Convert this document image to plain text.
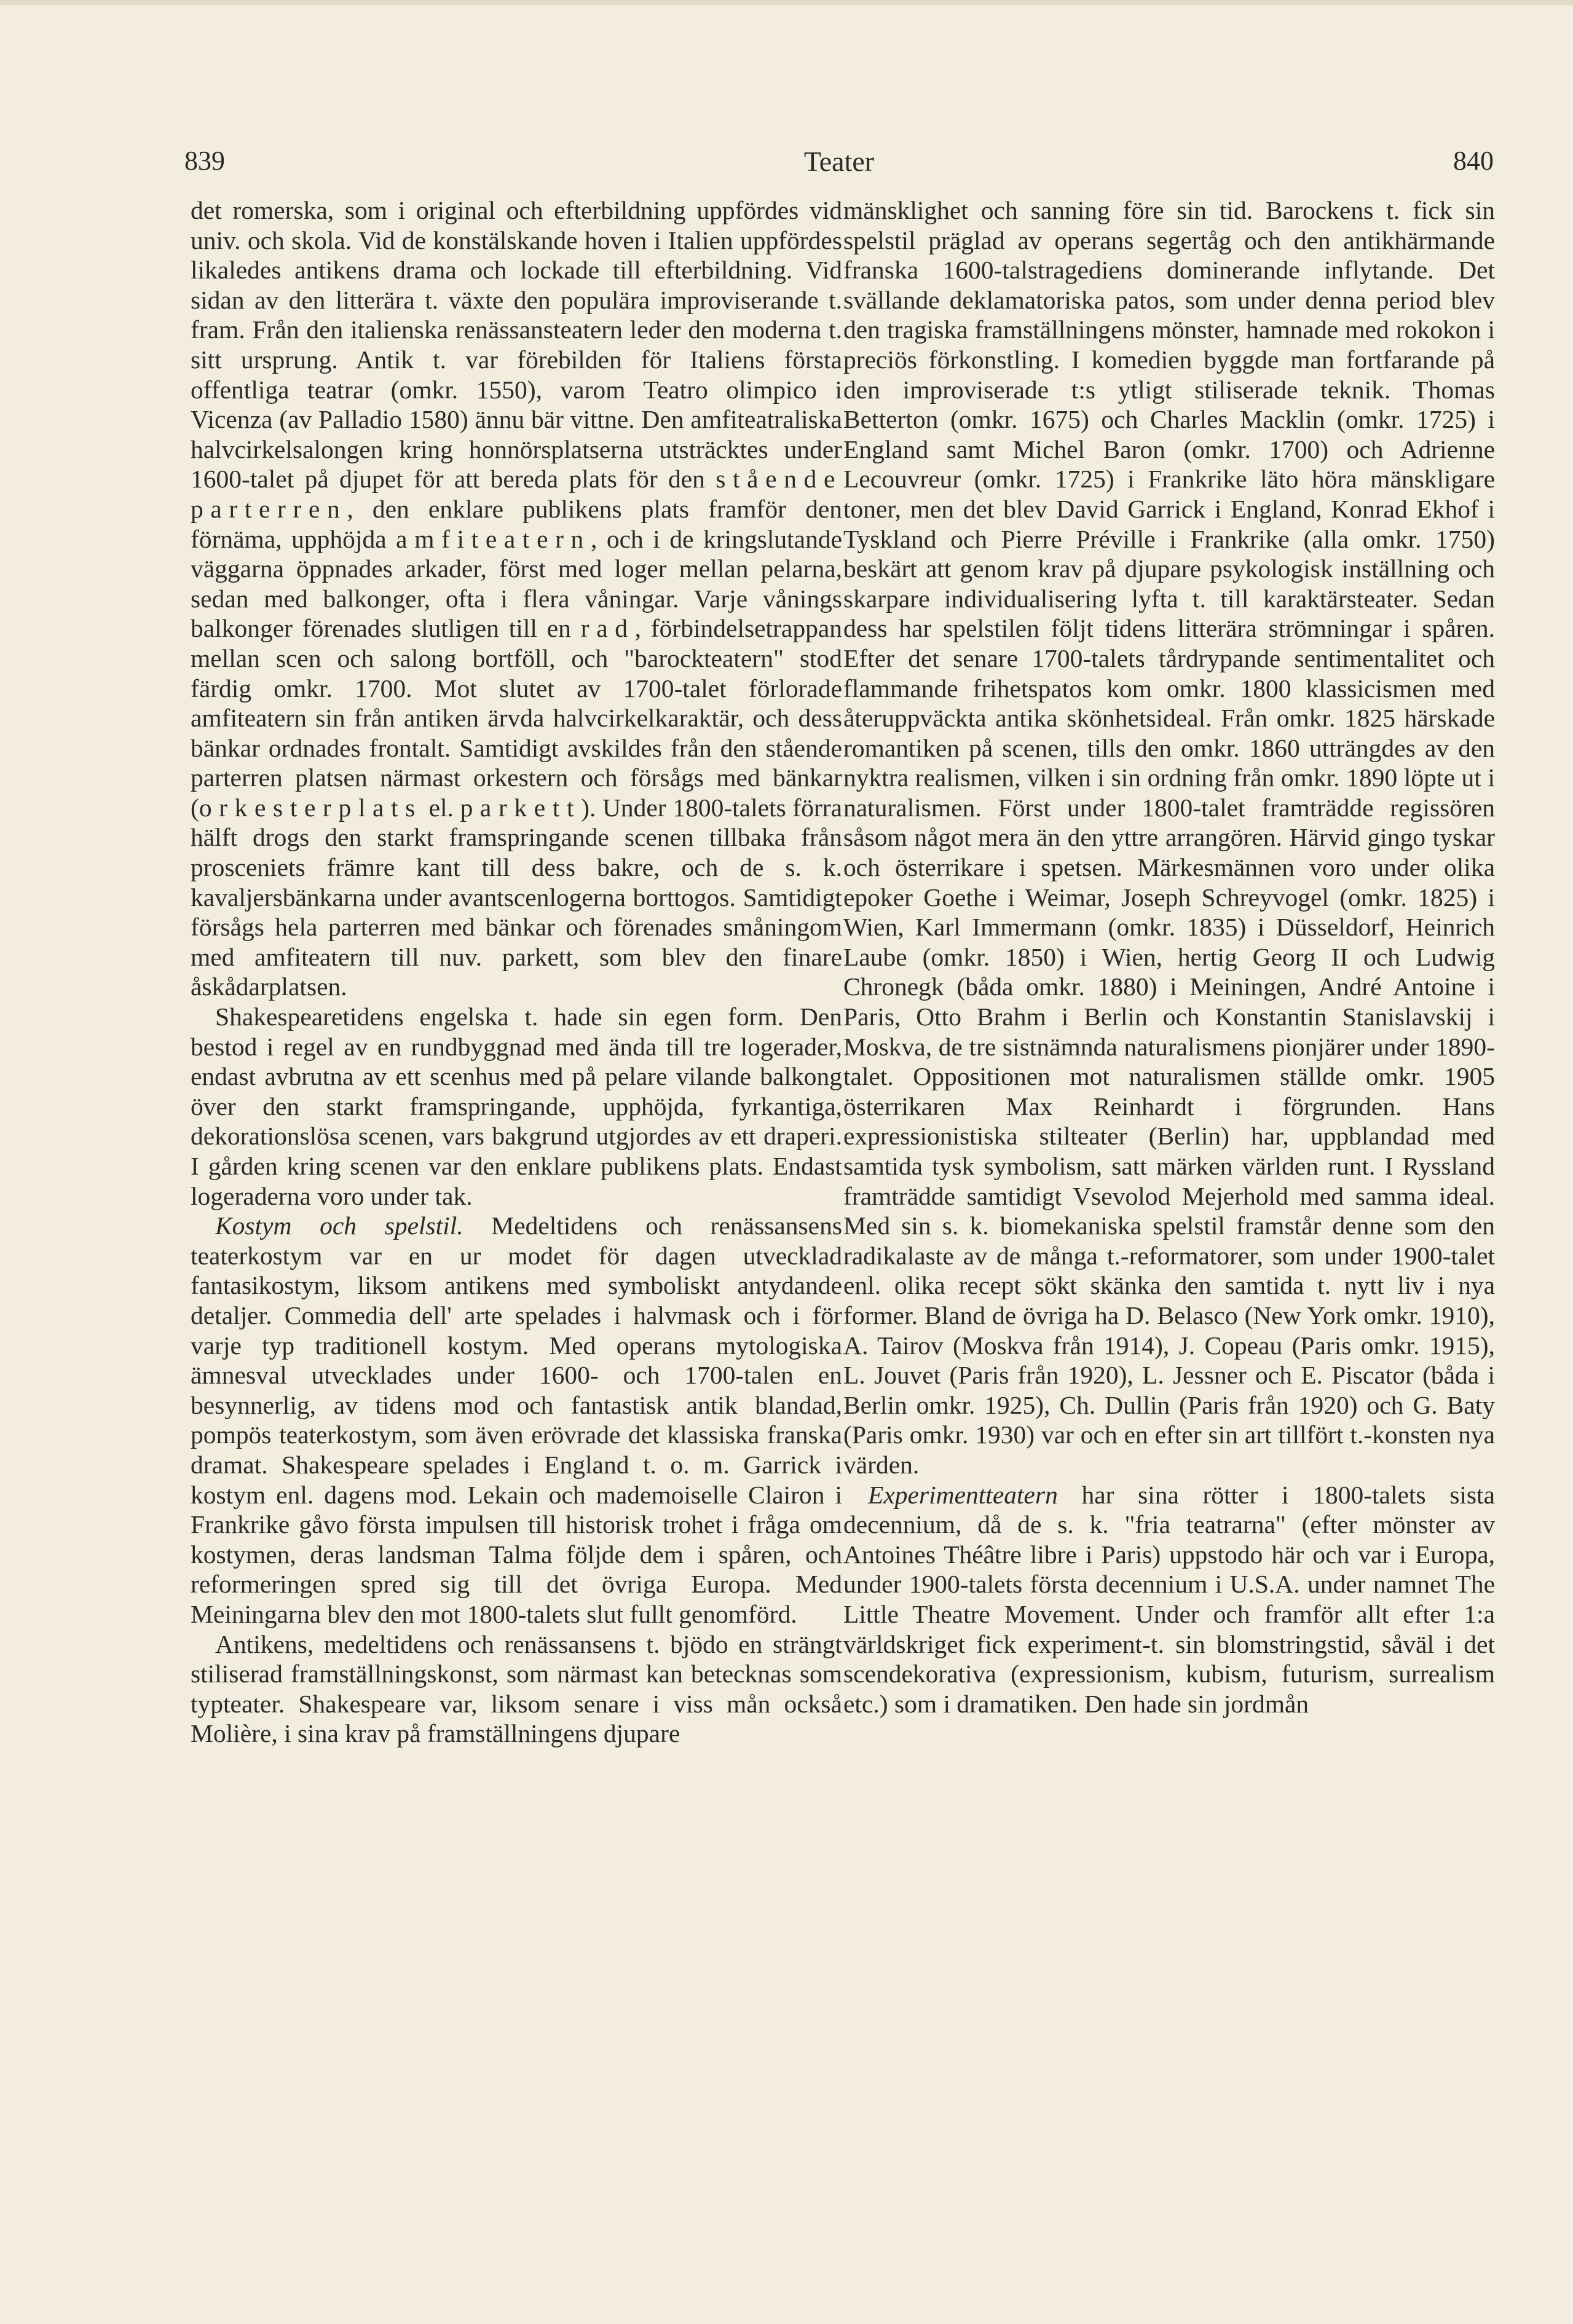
Teater
839	840

det romerska, som i original och efterbildning uppfördes vid univ. och skola. Vid de konstälskande hoven i Italien uppfördes likaledes antikens drama och lockade till efterbildning. Vid sidan av den litterära t. växte den populära improviserande t. fram. Från den italienska renässansteatern leder den moderna t. sitt ursprung. Antik t. var förebilden för Italiens första offentliga teatrar (omkr. 1550), varom Teatro olimpico i Vicenza (av Palladio 1580) ännu bär vittne. Den amfiteatraliska halvcirkelsalongen kring honnörsplatserna utsträcktes under 1600-talet på djupet för att bereda plats för den stående parterren, den enklare publikens plats framför den förnäma, upphöjda amfiteatern, och i de kringslutande väggarna öppnades arkader, först med loger mellan pelarna, sedan med balkonger, ofta i flera våningar. Varje vånings balkonger förenades slutligen till en rad, förbindelsetrappan mellan scen och salong bortföll, och "barockteatern" stod färdig omkr. 1700. Mot slutet av 1700-talet förlorade amfiteatern sin från antiken ärvda halvcirkelkaraktär, och dess bänkar ordnades frontalt. Samtidigt avskildes från den stående parterren platsen närmast orkestern och försågs med bänkar (orkesterplats el. parkett). Under 1800-talets förra hälft drogs den starkt framspringande scenen tillbaka från prosceniets främre kant till dess bakre, och de s. k. kavaljersbänkarna under avantscenlogerna borttogos. Samtidigt försågs hela parterren med bänkar och förenades småningom med amfiteatern till nuv. parkett, som blev den finare åskådarplatsen.

Shakespearetidens engelska t. hade sin egen form. Den bestod i regel av en rundbyggnad med ända till tre logerader, endast avbrutna av ett scenhus med på pelare vilande balkong över den starkt framspringande, upphöjda, fyrkantiga, dekorationslösa scenen, vars bakgrund utgjordes av ett draperi. I gården kring scenen var den enklare publikens plats. Endast logeraderna voro under tak.

Kostym och spelstil. Medeltidens och renässansens teaterkostym var en ur modet för dagen utvecklad fantasikostym, liksom antikens med symboliskt antydande detaljer. Commedia dell' arte spelades i halvmask och i för varje typ traditionell kostym. Med operans mytologiska ämnesval utvecklades under 1600- och 1700-talen en besynnerlig, av tidens mod och fantastisk antik blandad, pompös teaterkostym, som även erövrade det klassiska franska dramat. Shakespeare spelades i England t. o. m. Garrick i kostym enl. dagens mod. Lekain och mademoiselle Clairon i Frankrike gåvo första impulsen till historisk trohet i fråga om kostymen, deras landsman Talma följde dem i spåren, och reformeringen spred sig till det övriga Europa. Med Meiningarna blev den mot 1800-talets slut fullt genomförd.

Antikens, medeltidens och renässansens t. bjödo en strängt stiliserad framställningskonst, som närmast kan betecknas som typteater. Shakespeare var, liksom senare i viss mån också Molière, i sina krav på framställningens djupare

mänsklighet och sanning före sin tid. Barockens t. fick sin spelstil präglad av operans segertåg och den antikhärmande franska 1600-talstragediens dominerande inflytande. Det svällande deklamatoriska patos, som under denna period blev den tragiska framställningens mönster, hamnade med rokokon i preciös förkonstling. I komedien byggde man fortfarande på den improviserade t:s ytligt stiliserade teknik. Thomas Betterton (omkr. 1675) och Charles Macklin (omkr. 1725) i England samt Michel Baron (omkr. 1700) och Adrienne Lecouvreur (omkr. 1725) i Frankrike läto höra mänskligare toner, men det blev David Garrick i England, Konrad Ekhof i Tyskland och Pierre Préville i Frankrike (alla omkr. 1750) beskärt att genom krav på djupare psykologisk inställning och skarpare individualisering lyfta t. till karaktärsteater. Sedan dess har spelstilen följt tidens litterära strömningar i spåren. Efter det senare 1700-talets tårdrypande sentimentalitet och flammande frihetspatos kom omkr. 1800 klassicismen med återuppväckta antika skönhetsideal. Från omkr. 1825 härskade romantiken på scenen, tills den omkr. 1860 utträngdes av den nyktra realismen, vilken i sin ordning från omkr. 1890 löpte ut i naturalismen. Först under 1800-talet framträdde regissören såsom något mera än den yttre arrangören. Härvid gingo tyskar och österrikare i spetsen. Märkesmännen voro under olika epoker Goethe i Weimar, Joseph Schreyvogel (omkr. 1825) i Wien, Karl Immermann (omkr. 1835) i Düsseldorf, Heinrich Laube (omkr. 1850) i Wien, hertig Georg II och Ludwig Chronegk (båda omkr. 1880) i Meiningen, André Antoine i Paris, Otto Brahm i Berlin och Konstantin Stanislavskij i Moskva, de tre sistnämnda naturalismens pionjärer under 1890-talet. Oppositionen mot naturalismen ställde omkr. 1905 österrikaren Max Reinhardt i förgrunden. Hans expressionistiska stilteater (Berlin) har, uppblandad med samtida tysk symbolism, satt märken världen runt. I Ryssland framträdde samtidigt Vsevolod Mejerhold med samma ideal. Med sin s. k. biomekaniska spelstil framstår denne som den radikalaste av de många t.-reformatorer, som under 1900-talet enl. olika recept sökt skänka den samtida t. nytt liv i nya former. Bland de övriga ha D. Belasco (New York omkr. 1910), A. Tairov (Moskva från 1914), J. Copeau (Paris omkr. 1915), L. Jouvet (Paris från 1920), L. Jessner och E. Piscator (båda i Berlin omkr. 1925), Ch. Dullin (Paris från 1920) och G. Baty (Paris omkr. 1930) var och en efter sin art tillfört t.-konsten nya värden.

Experimentteatern har sina rötter i 1800-talets sista decennium, då de s. k. "fria teatrarna" (efter mönster av Antoines Théâtre libre i Paris) uppstodo här och var i Europa, under 1900-talets första decennium i U.S.A. under namnet The Little Theatre Movement. Under och framför allt efter 1:a världskriget fick experiment-t. sin blomstringstid, såväl i det scendekorativa (expressionism, kubism, futurism, surrealism etc.) som i dramatiken. Den hade sin jordmån
